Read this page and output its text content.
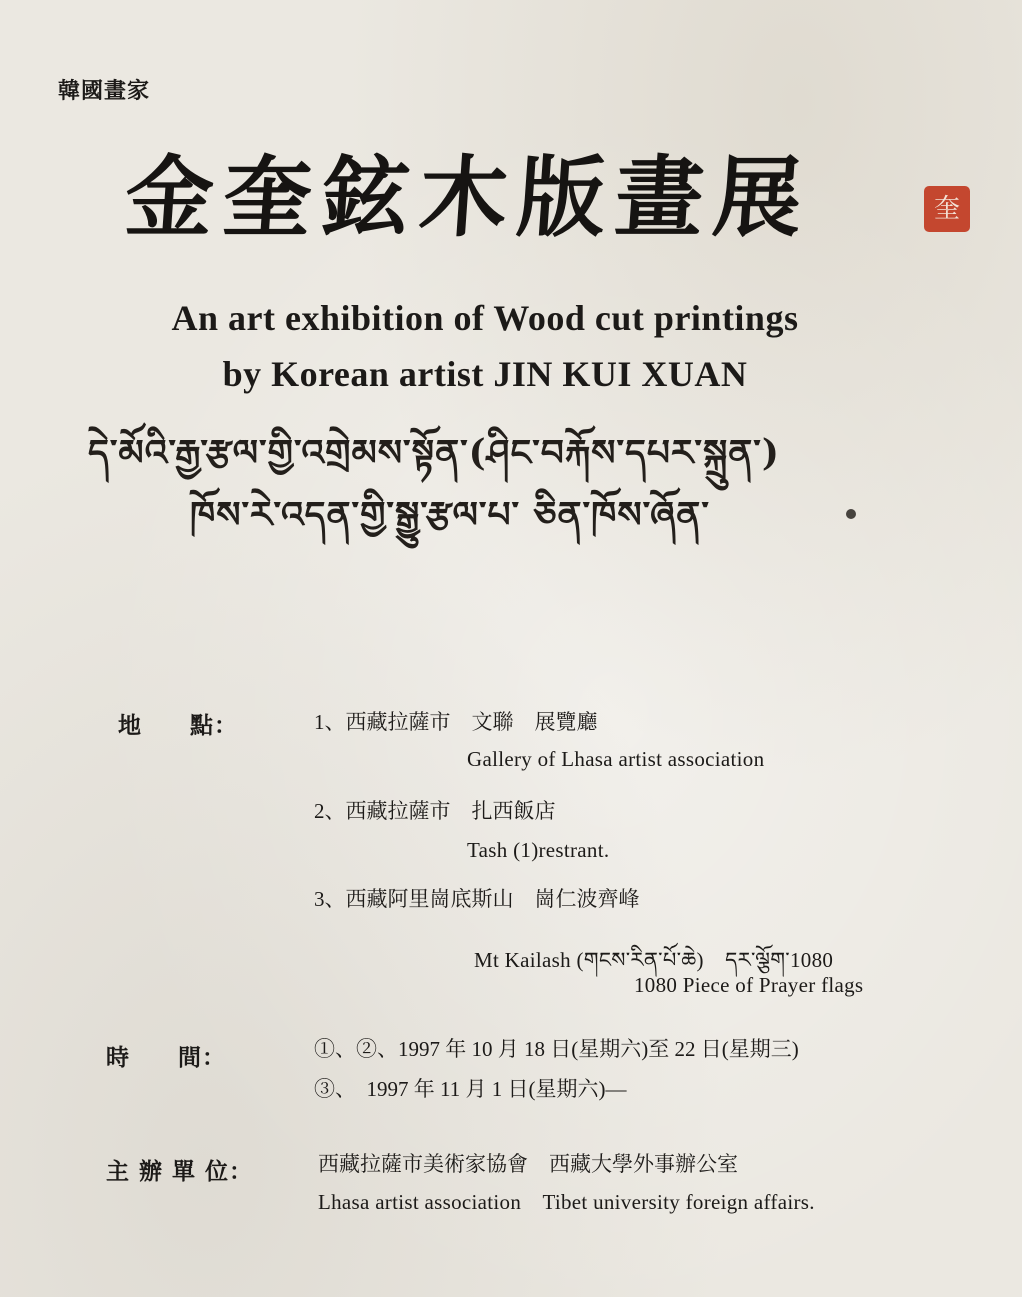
韓國畫家
金奎鉉木版畫展	奎
An art exhibition of Wood cut printings
by Korean artist JIN KUI XUAN
དེ་མོའི་རྒྱ་རྩལ་གྱི་འགྲེམས་སྟོན་(ཤིང་བརྐོས་དཔར་སྐྲུན་)
ཁོས་རེ་འདན་གྱི་སྒྱུ་རྩལ་པ་ ཅིན་ཁོས་ཞོན་
地　　點：	1、西藏拉薩市　文聯　展覽廳
Gallery of Lhasa artist association
2、西藏拉薩市　扎西飯店
Tash (1)restrant.
3、西藏阿里崗底斯山　崗仁波齊峰
Mt Kailash (གངས་རིན་པོ་ཆེ)　དར་ལྕོག་1080
1080 Piece of Prayer flags
時　　間：	①、②、1997 年 10 月 18 日(星期六)至 22 日(星期三)
③、　1997 年 11 月 1 日(星期六)—
主 辦 單 位：	西藏拉薩市美術家協會　西藏大學外事辦公室
Lhasa artist association　Tibet university foreign affairs.
